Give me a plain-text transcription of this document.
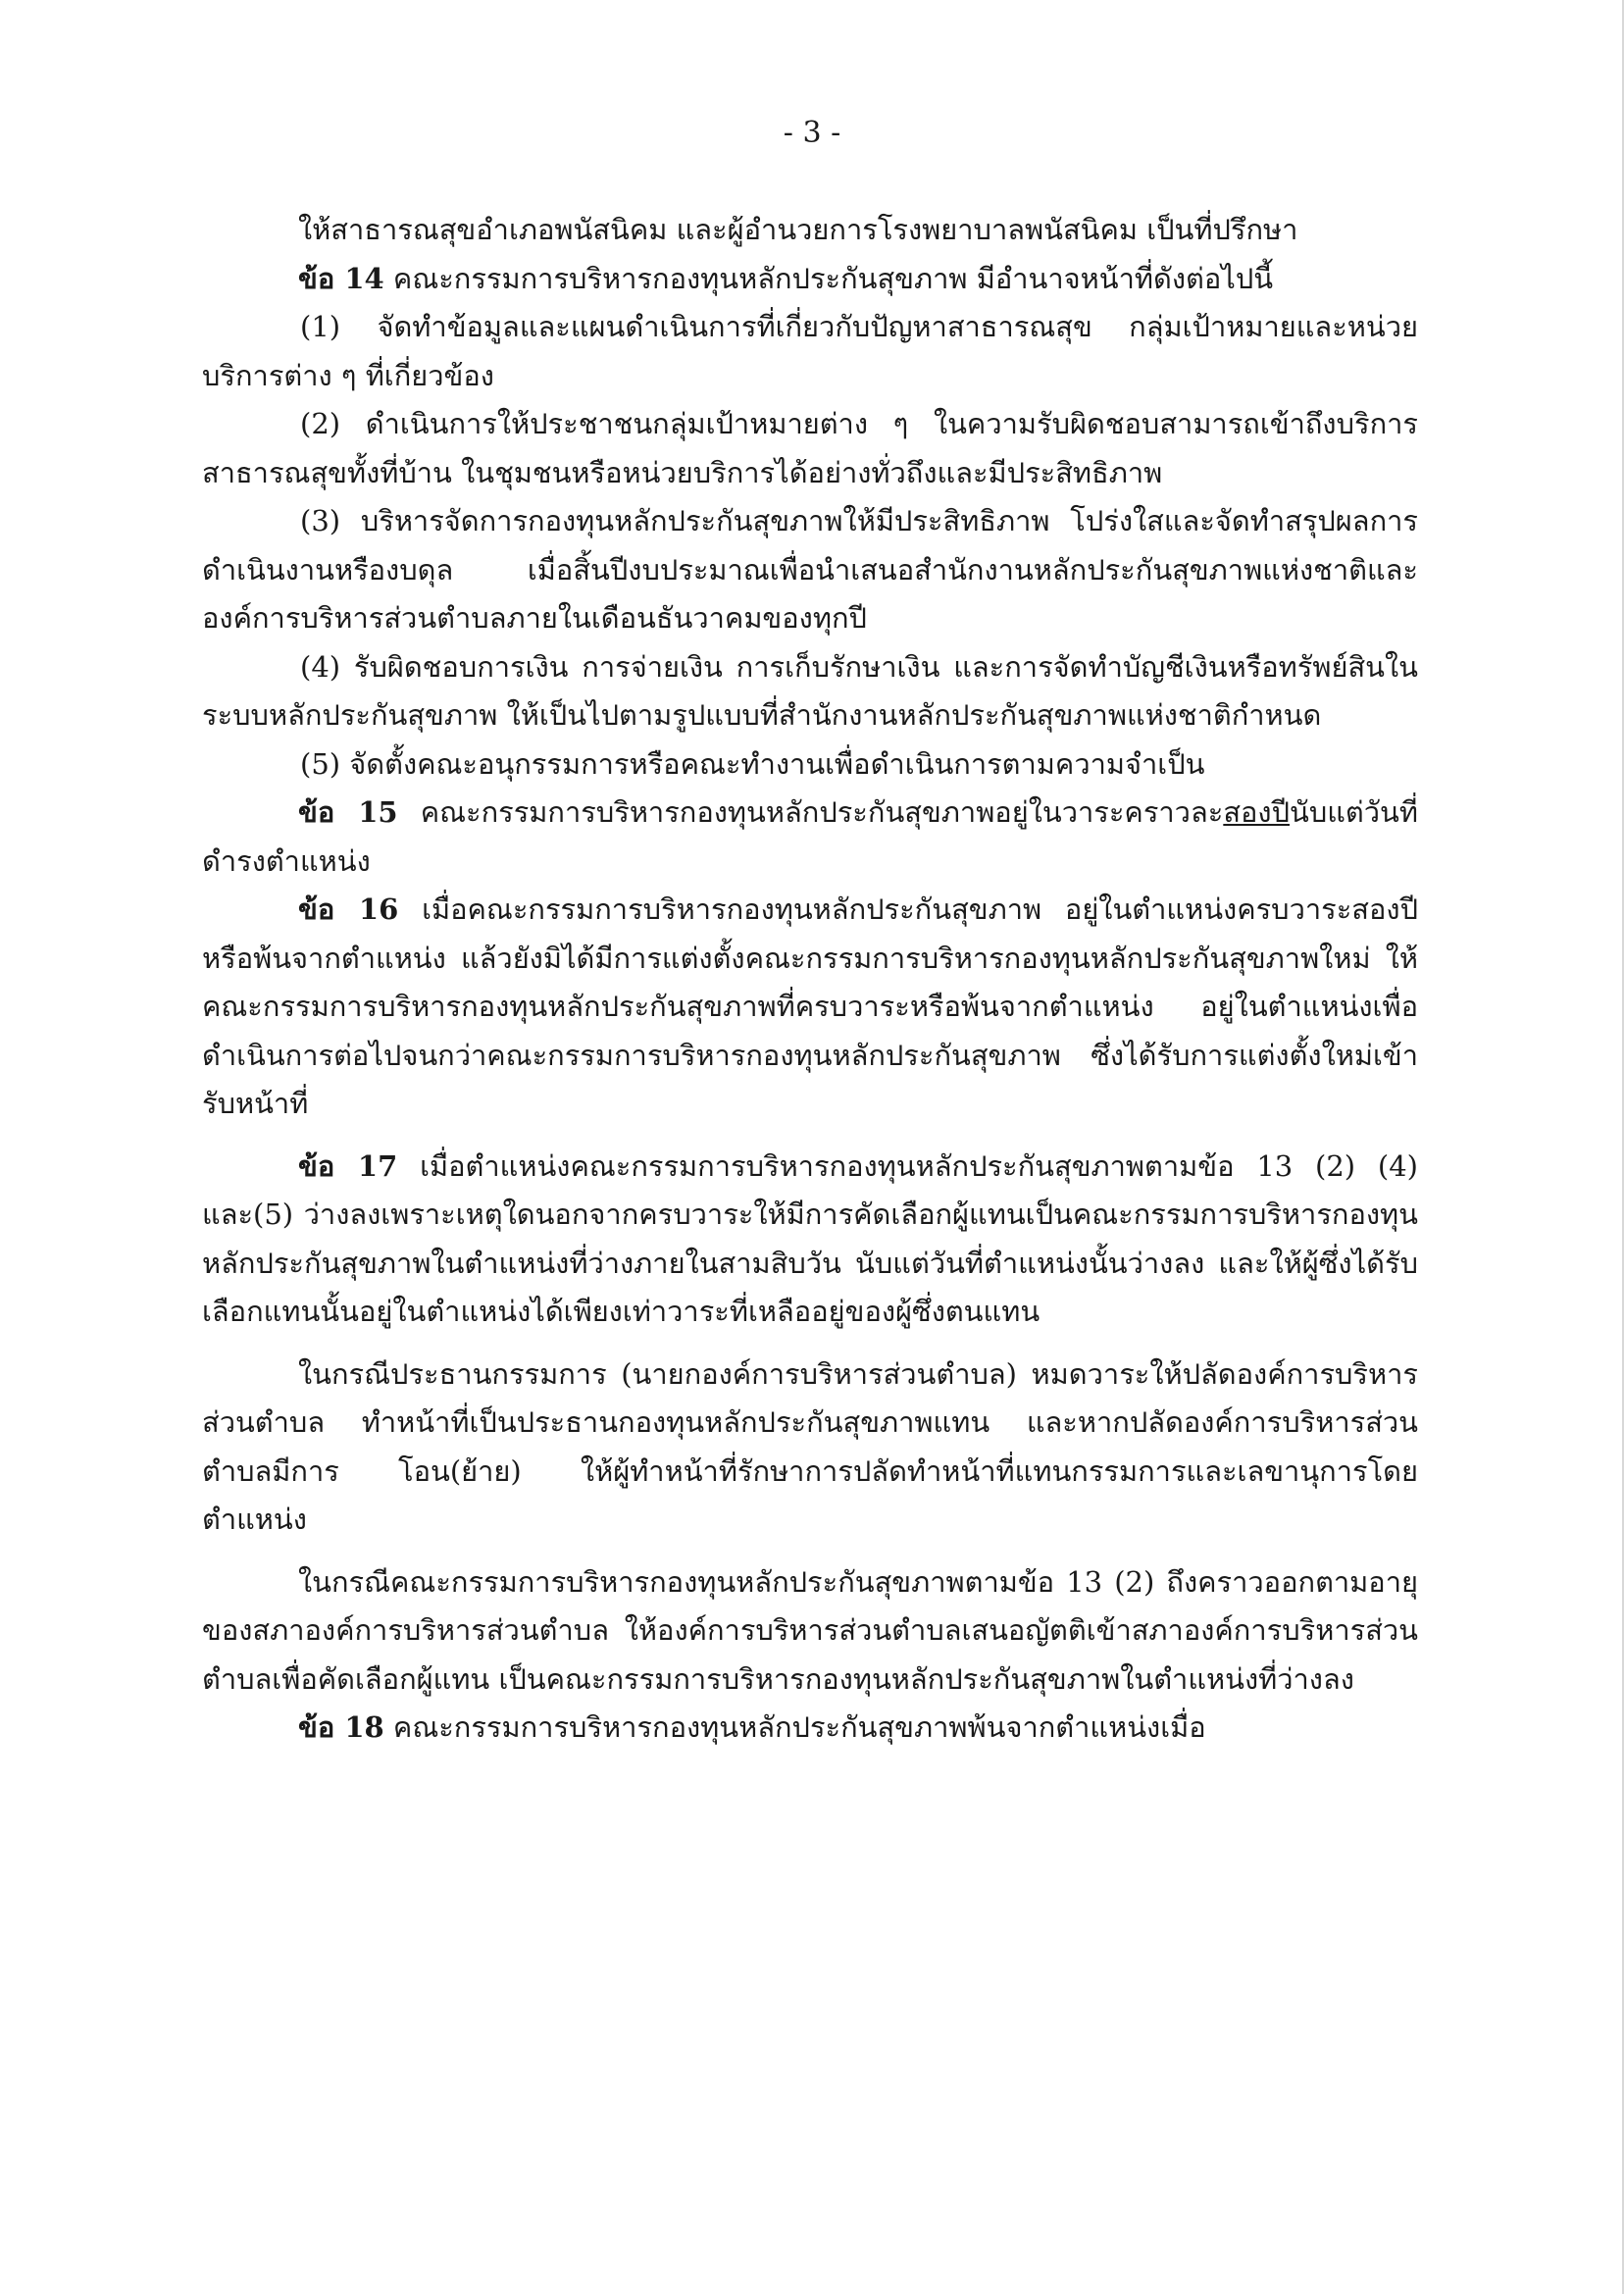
- 3 -

ให้สาธารณสุขอำเภอพนัสนิคม และผู้อำนวยการโรงพยาบาลพนัสนิคม เป็นที่ปรึกษา

ข้อ 14 คณะกรรมการบริหารกองทุนหลักประกันสุขภาพ มีอำนาจหน้าที่ดังต่อไปนี้

(1) จัดทำข้อมูลและแผนดำเนินการที่เกี่ยวกับปัญหาสาธารณสุข กลุ่มเป้าหมายและหน่วยบริการต่าง ๆ ที่เกี่ยวข้อง

(2) ดำเนินการให้ประชาชนกลุ่มเป้าหมายต่าง ๆ ในความรับผิดชอบสามารถเข้าถึงบริการสาธารณสุขทั้งที่บ้าน ในชุมชนหรือหน่วยบริการได้อย่างทั่วถึงและมีประสิทธิภาพ

(3) บริหารจัดการกองทุนหลักประกันสุขภาพให้มีประสิทธิภาพ โปร่งใสและจัดทำสรุปผลการดำเนินงานหรืองบดุล เมื่อสิ้นปีงบประมาณเพื่อนำเสนอสำนักงานหลักประกันสุขภาพแห่งชาติและองค์การบริหารส่วนตำบลภายในเดือนธันวาคมของทุกปี

(4) รับผิดชอบการเงิน การจ่ายเงิน การเก็บรักษาเงิน และการจัดทำบัญชีเงินหรือทรัพย์สินในระบบหลักประกันสุขภาพ ให้เป็นไปตามรูปแบบที่สำนักงานหลักประกันสุขภาพแห่งชาติกำหนด

(5) จัดตั้งคณะอนุกรรมการหรือคณะทำงานเพื่อดำเนินการตามความจำเป็น

ข้อ 15 คณะกรรมการบริหารกองทุนหลักประกันสุขภาพอยู่ในวาระคราวละสองปีนับแต่วันที่ดำรงตำแหน่ง

ข้อ 16 เมื่อคณะกรรมการบริหารกองทุนหลักประกันสุขภาพ อยู่ในตำแหน่งครบวาระสองปีหรือพ้นจากตำแหน่ง แล้วยังมิได้มีการแต่งตั้งคณะกรรมการบริหารกองทุนหลักประกันสุขภาพใหม่ ให้คณะกรรมการบริหารกองทุนหลักประกันสุขภาพที่ครบวาระหรือพ้นจากตำแหน่ง อยู่ในตำแหน่งเพื่อดำเนินการต่อไปจนกว่าคณะกรรมการบริหารกองทุนหลักประกันสุขภาพ ซึ่งได้รับการแต่งตั้งใหม่เข้ารับหน้าที่

ข้อ 17 เมื่อตำแหน่งคณะกรรมการบริหารกองทุนหลักประกันสุขภาพตามข้อ 13 (2) (4) และ(5) ว่างลงเพราะเหตุใดนอกจากครบวาระให้มีการคัดเลือกผู้แทนเป็นคณะกรรมการบริหารกองทุนหลักประกันสุขภาพในตำแหน่งที่ว่างภายในสามสิบวัน นับแต่วันที่ตำแหน่งนั้นว่างลง และให้ผู้ซึ่งได้รับเลือกแทนนั้นอยู่ในตำแหน่งได้เพียงเท่าวาระที่เหลืออยู่ของผู้ซึ่งตนแทน

ในกรณีประธานกรรมการ (นายกองค์การบริหารส่วนตำบล) หมดวาระให้ปลัดองค์การบริหารส่วนตำบล ทำหน้าที่เป็นประธานกองทุนหลักประกันสุขภาพแทน และหากปลัดองค์การบริหารส่วนตำบลมีการ โอน(ย้าย) ให้ผู้ทำหน้าที่รักษาการปลัดทำหน้าที่แทนกรรมการและเลขานุการโดยตำแหน่ง

ในกรณีคณะกรรมการบริหารกองทุนหลักประกันสุขภาพตามข้อ 13 (2) ถึงคราวออกตามอายุของสภาองค์การบริหารส่วนตำบล ให้องค์การบริหารส่วนตำบลเสนอญัตติเข้าสภาองค์การบริหารส่วนตำบลเพื่อคัดเลือกผู้แทน เป็นคณะกรรมการบริหารกองทุนหลักประกันสุขภาพในตำแหน่งที่ว่างลง

ข้อ 18 คณะกรรมการบริหารกองทุนหลักประกันสุขภาพพ้นจากตำแหน่งเมื่อ
